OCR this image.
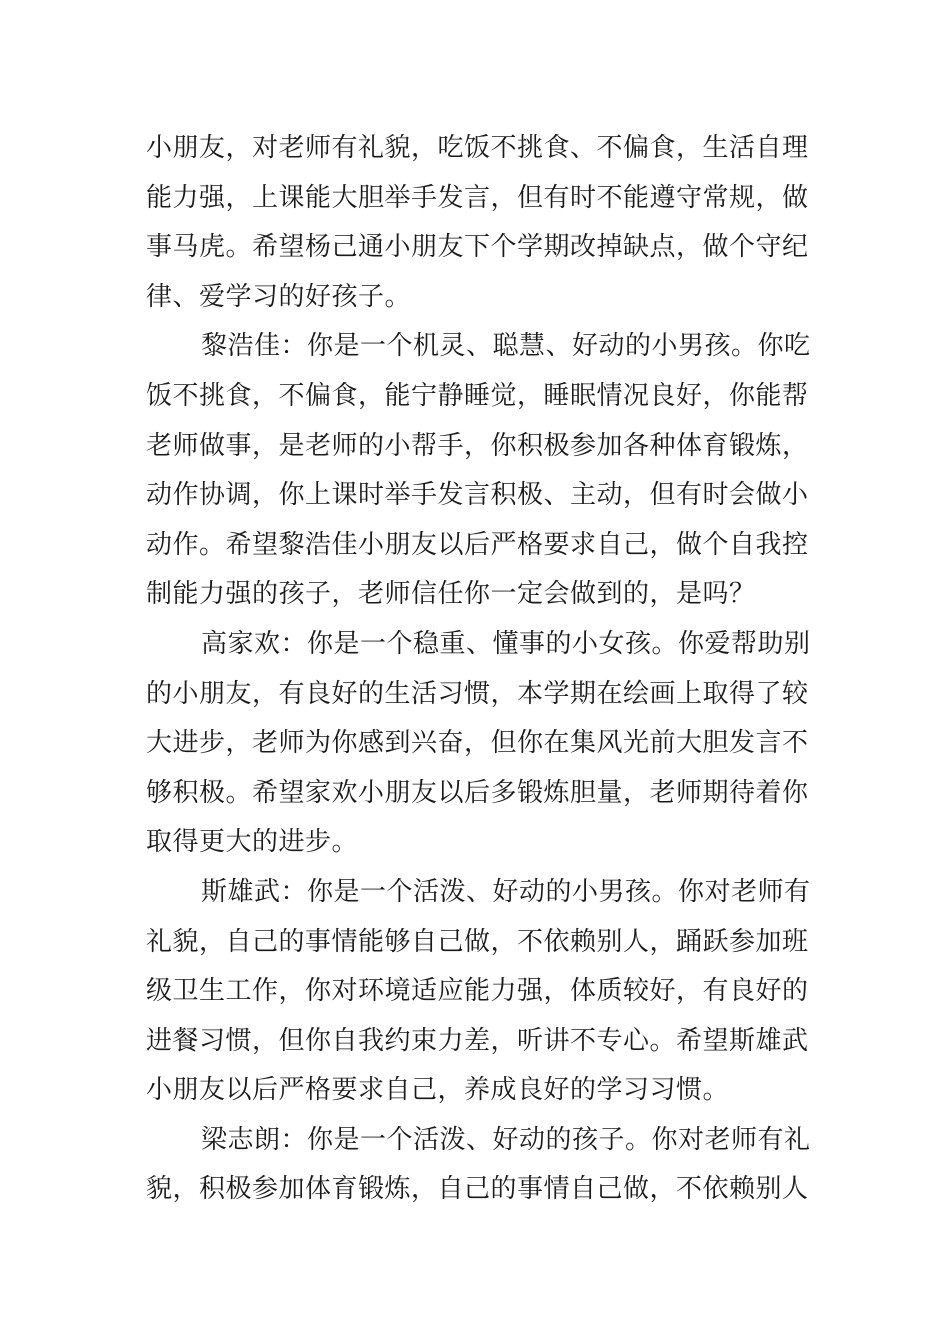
小朋友，对老师有礼貌，吃饭不挑食、不偏食，生活自理
能力强，上课能大胆举手发言，但有时不能遵守常规，做
事马虎。希望杨己通小朋友下个学期改掉缺点，做个守纪
律、爱学习的好孩子。
黎浩佳：你是一个机灵、聪慧、好动的小男孩。你吃
饭不挑食，不偏食，能宁静睡觉，睡眠情况良好，你能帮
老师做事，是老师的小帮手，你积极参加各种体育锻炼，
动作协调，你上课时举手发言积极、主动，但有时会做小
动作。希望黎浩佳小朋友以后严格要求自己，做个自我控
制能力强的孩子，老师信任你一定会做到的，是吗？
高家欢：你是一个稳重、懂事的小女孩。你爱帮助别
的小朋友，有良好的生活习惯，本学期在绘画上取得了较
大进步，老师为你感到兴奋，但你在集风光前大胆发言不
够积极。希望家欢小朋友以后多锻炼胆量，老师期待着你
取得更大的进步。
斯雄武：你是一个活泼、好动的小男孩。你对老师有
礼貌，自己的事情能够自己做，不依赖别人，踊跃参加班
级卫生工作，你对环境适应能力强，体质较好，有良好的
进餐习惯，但你自我约束力差，听讲不专心。希望斯雄武
小朋友以后严格要求自己，养成良好的学习习惯。
梁志朗：你是一个活泼、好动的孩子。你对老师有礼
貌，积极参加体育锻炼，自己的事情自己做，不依赖别人
